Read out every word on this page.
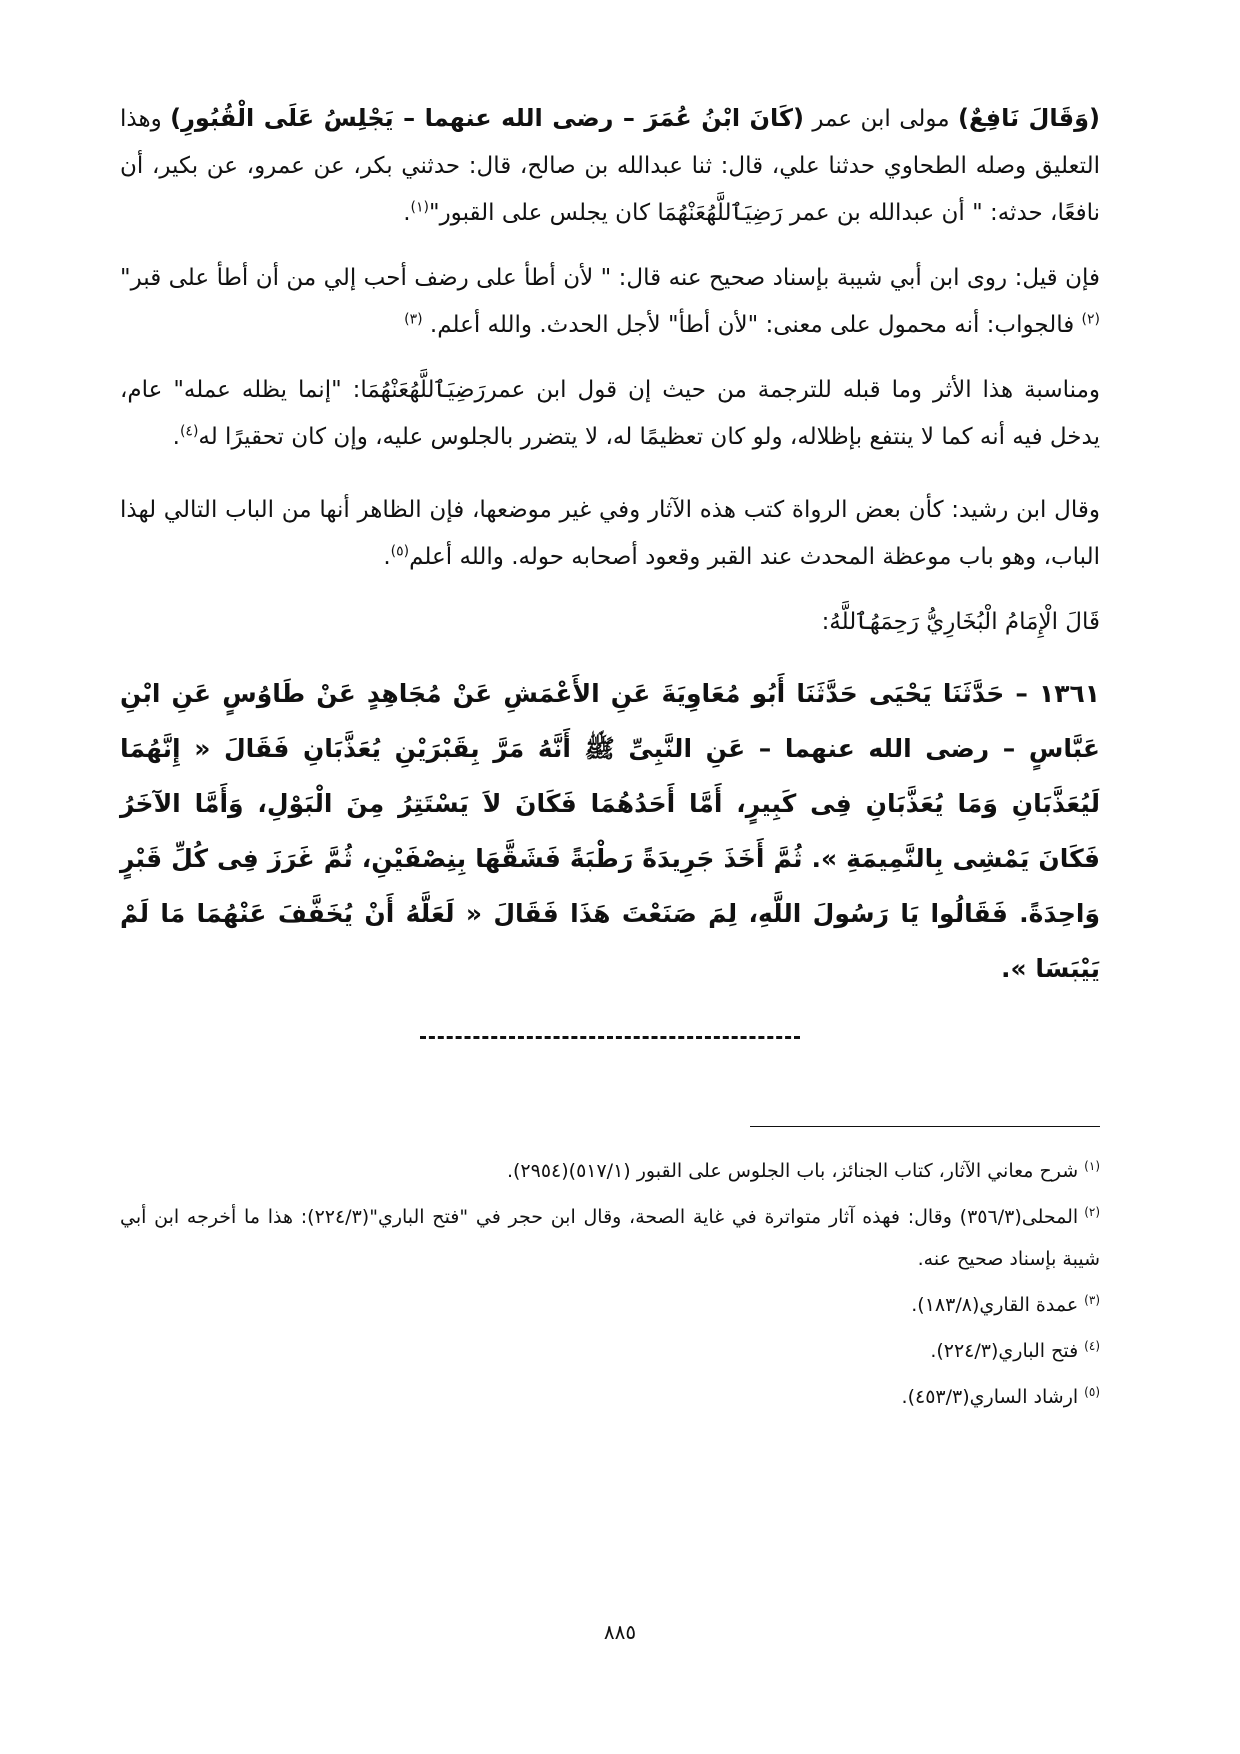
(وَقَالَ نَافِعٌ) مولى ابن عمر (كَانَ ابْنُ عُمَرَ – رضى الله عنهما – يَجْلِسُ عَلَى الْقُبُورِ) وهذا التعليق وصله الطحاوي حدثنا علي، قال: ثنا عبدالله بن صالح، قال: حدثني بكر، عن عمرو، عن بكير، أن نافعًا، حدثه: " أن عبدالله بن عمر رَضِيَٱللَّهُعَنْهُمَا كان يجلس على القبور"$^{(١)}$.

فإن قيل: روى ابن أبي شيبة بإسناد صحيح عنه قال: " لأن أطأ على رضف أحب إلي من أن أطأ على قبر"$^{(٢)}$ فالجواب: أنه محمول على معنى: "لأن أطأ" لأجل الحدث. والله أعلم. $^{(٣)}$

ومناسبة هذا الأثر وما قبله للترجمة من حيث إن قول ابن عمررَضِيَٱللَّهُعَنْهُمَا: "إنما يظله عمله" عام، يدخل فيه أنه كما لا ينتفع بإظلاله، ولو كان تعظيمًا له، لا يتضرر بالجلوس عليه، وإن كان تحقيرًا له$^{(٤)}$.

وقال ابن رشيد: كأن بعض الرواة كتب هذه الآثار وفي غير موضعها، فإن الظاهر أنها من الباب التالي لهذا الباب، وهو باب موعظة المحدث عند القبر وقعود أصحابه حوله. والله أعلم$^{(٥)}$.

قَالَ الْإِمَامُ الْبُخَارِيُّ رَحِمَهُٱللَّهُ:

١٣٦١ – حَدَّثَنَا يَحْيَى حَدَّثَنَا أَبُو مُعَاوِيَةَ عَنِ الأَعْمَشِ عَنْ مُجَاهِدٍ عَنْ طَاوُسٍ عَنِ ابْنِ عَبَّاسٍ – رضى الله عنهما – عَنِ النَّبِىِّ ﷺ أَنَّهُ مَرَّ بِقَبْرَيْنِ يُعَذَّبَانِ فَقَالَ « إِنَّهُمَا لَيُعَذَّبَانِ وَمَا يُعَذَّبَانِ فِى كَبِيرٍ، أَمَّا أَحَدُهُمَا فَكَانَ لاَ يَسْتَتِرُ مِنَ الْبَوْلِ، وَأَمَّا الآخَرُ فَكَانَ يَمْشِى بِالنَّمِيمَةِ ». ثُمَّ أَخَذَ جَرِيدَةً رَطْبَةً فَشَقَّهَا بِنِصْفَيْنِ، ثُمَّ غَرَزَ فِى كُلِّ قَبْرٍ وَاحِدَةً. فَقَالُوا يَا رَسُولَ اللَّهِ، لِمَ صَنَعْتَ هَذَا فَقَالَ « لَعَلَّهُ أَنْ يُخَفَّفَ عَنْهُمَا مَا لَمْ يَيْبَسَا ».

$^{(١)}$شرح معاني الآثار، كتاب الجنائز، باب الجلوس على القبور (٥١٧/١)(٢٩٥٤).

$^{(٢)}$المحلى(٣٥٦/٣) وقال: فهذه آثار متواترة في غاية الصحة، وقال ابن حجر في "فتح الباري"(٢٢٤/٣): هذا ما أخرجه ابن أبي شيبة بإسناد صحيح عنه.

$^{(٣)}$عمدة القاري(١٨٣/٨).

$^{(٤)}$فتح الباري(٢٢٤/٣).

$^{(٥)}$ارشاد الساري(٤٥٣/٣).

٨٨٥
